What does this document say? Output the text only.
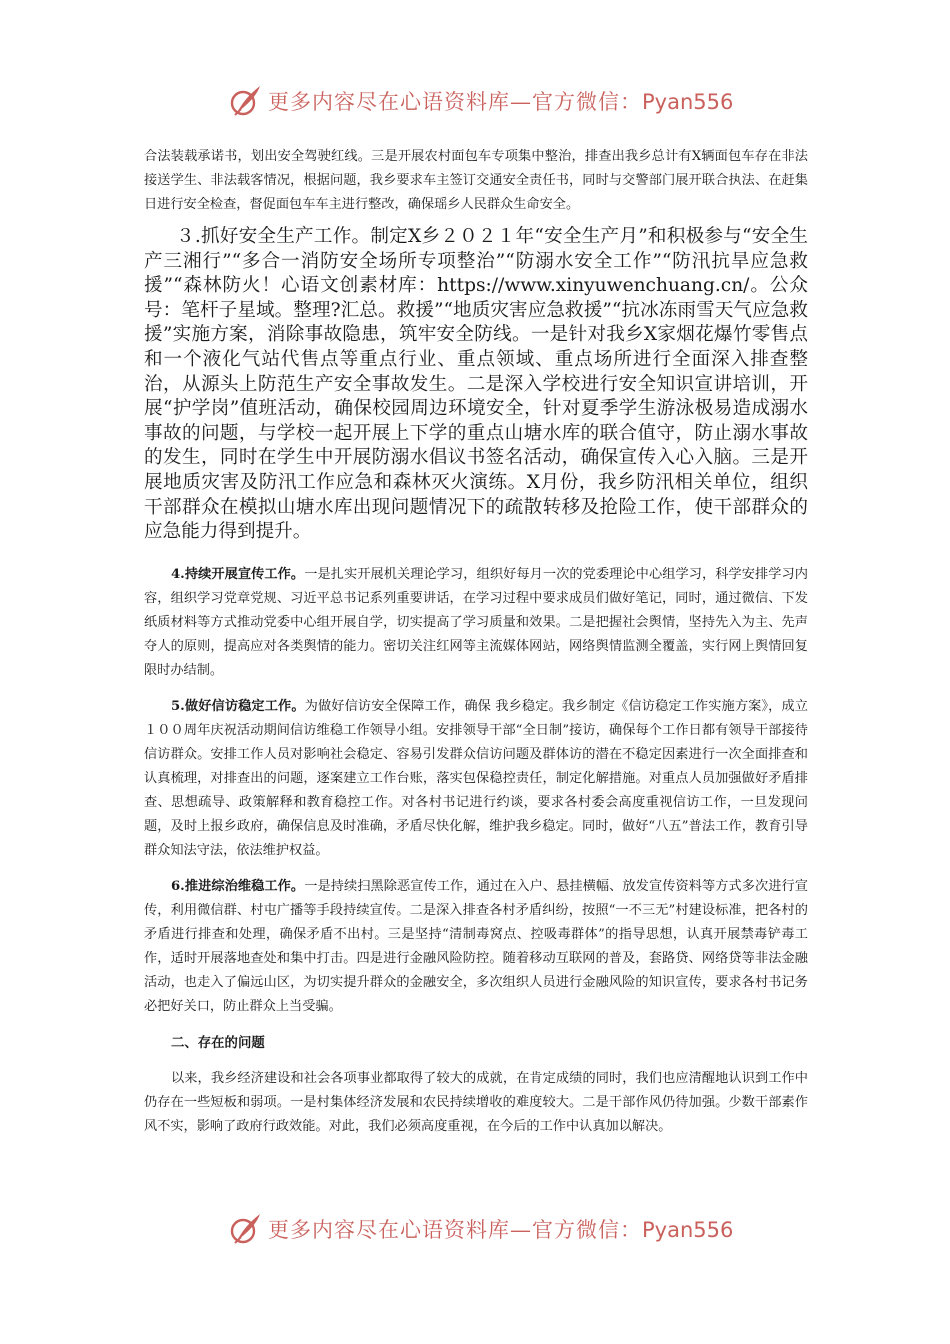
更多内容尽在心语资料库—官方微信：Pyan556

合法装载承诺书，划出安全驾驶红线。三是开展农村面包车专项集中整治，排查出我乡总计有X辆面包车存在非法接送学生、非法载客情况，根据问题，我乡要求车主签订交通安全责任书，同时与交警部门展开联合执法、在赶集日进行安全检查，督促面包车车主进行整改，确保瑶乡人民群众生命安全。

３.抓好安全生产工作。制定X乡２０２１年“安全生产月”和积极参与“安全生产三湘行”“多合一消防安全场所专项整治”“防溺水安全工作”“防汛抗旱应急救援”“森林防火！心语文创素材库：https://www.xinyuwenchuang.cn/。公众号：笔杆子星域。整理?汇总。救援”“地质灾害应急救援”“抗冰冻雨雪天气应急救援”实施方案，消除事故隐患，筑牢安全防线。一是针对我乡X家烟花爆竹零售点和一个液化气站代售点等重点行业、重点领域、重点场所进行全面深入排查整治，从源头上防范生产安全事故发生。二是深入学校进行安全知识宣讲培训，开展“护学岗”值班活动，确保校园周边环境安全，针对夏季学生游泳极易造成溺水事故的问题，与学校一起开展上下学的重点山塘水库的联合值守，防止溺水事故的发生，同时在学生中开展防溺水倡议书签名活动，确保宣传入心入脑。三是开展地质灾害及防汛工作应急和森林灭火演练。X月份，我乡防汛相关单位，组织干部群众在模拟山塘水库出现问题情况下的疏散转移及抢险工作，使干部群众的应急能力得到提升。

4.持续开展宣传工作。一是扎实开展机关理论学习，组织好每月一次的党委理论中心组学习，科学安排学习内容，组织学习党章党规、习近平总书记系列重要讲话，在学习过程中要求成员们做好笔记，同时，通过微信、下发纸质材料等方式推动党委中心组开展自学，切实提高了学习质量和效果。二是把握社会舆情，坚持先入为主、先声夺人的原则，提高应对各类舆情的能力。密切关注红网等主流媒体网站，网络舆情监测全覆盖，实行网上舆情回复限时办结制。

5.做好信访稳定工作。为做好信访安全保障工作，确保 我乡稳定。我乡制定《信访稳定工作实施方案》，成立１００周年庆祝活动期间信访维稳工作领导小组。安排领导干部“全日制”接访，确保每个工作日都有领导干部接待信访群众。安排工作人员对影响社会稳定、容易引发群众信访问题及群体访的潜在不稳定因素进行一次全面排查和认真梳理，对排查出的问题，逐案建立工作台账，落实包保稳控责任，制定化解措施。对重点人员加强做好矛盾排查、思想疏导、政策解释和教育稳控工作。对各村书记进行约谈，要求各村委会高度重视信访工作，一旦发现问题，及时上报乡政府，确保信息及时准确，矛盾尽快化解，维护我乡稳定。同时，做好“八五”普法工作，教育引导群众知法守法，依法维护权益。

6.推进综治维稳工作。一是持续扫黑除恶宣传工作，通过在入户、悬挂横幅、放发宣传资料等方式多次进行宣传，利用微信群、村屯广播等手段持续宣传。二是深入排查各村矛盾纠纷，按照“一不三无”村建设标准，把各村的矛盾进行排查和处理，确保矛盾不出村。三是坚持“清制毒窝点、控吸毒群体”的指导思想，认真开展禁毒铲毒工作，适时开展落地查处和集中打击。四是进行金融风险防控。随着移动互联网的普及，套路贷、网络贷等非法金融活动，也走入了偏远山区，为切实提升群众的金融安全，多次组织人员进行金融风险的知识宣传，要求各村书记务必把好关口，防止群众上当受骗。

二、存在的问题

以来，我乡经济建设和社会各项事业都取得了较大的成就，在肯定成绩的同时，我们也应清醒地认识到工作中仍存在一些短板和弱项。一是村集体经济发展和农民持续增收的难度较大。二是干部作风仍待加强。少数干部素作风不实，影响了政府行政效能。对此，我们必须高度重视，在今后的工作中认真加以解决。

更多内容尽在心语资料库—官方微信：Pyan556
